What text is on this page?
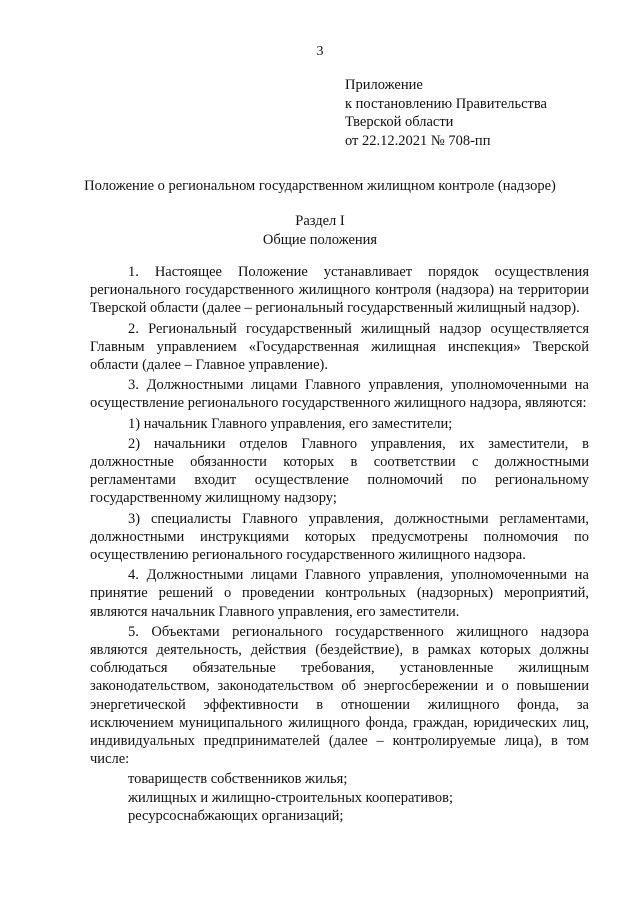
3
Приложение
к постановлению Правительства
Тверской области
от 22.12.2021 № 708-пп
Положение о региональном государственном жилищном контроле (надзоре)
Раздел I
Общие положения

1. Настоящее Положение устанавливает порядок осуществления регионального государственного жилищного контроля (надзора) на территории Тверской области (далее – региональный государственный жилищный надзор).

2. Региональный государственный жилищный надзор осуществляется Главным управлением «Государственная жилищная инспекция» Тверской области (далее – Главное управление).

3. Должностными лицами Главного управления, уполномоченными на осуществление регионального государственного жилищного надзора, являются:

1) начальник Главного управления, его заместители;

2) начальники отделов Главного управления, их заместители, в должностные обязанности которых в соответствии с должностными регламентами входит осуществление полномочий по региональному государственному жилищному надзору;

3) специалисты Главного управления, должностными регламентами, должностными инструкциями которых предусмотрены полномочия по осуществлению регионального государственного жилищного надзора.

4. Должностными лицами Главного управления, уполномоченными на принятие решений о проведении контрольных (надзорных) мероприятий, являются начальник Главного управления, его заместители.

5. Объектами регионального государственного жилищного надзора являются деятельность, действия (бездействие), в рамках которых должны соблюдаться обязательные требования, установленные жилищным законодательством, законодательством об энергосбережении и о повышении энергетической эффективности в отношении жилищного фонда, за исключением муниципального жилищного фонда, граждан, юридических лиц, индивидуальных предпринимателей (далее – контролируемые лица), в том числе:

товариществ собственников жилья;

жилищных и жилищно-строительных кооперативов;

ресурсоснабжающих организаций;
